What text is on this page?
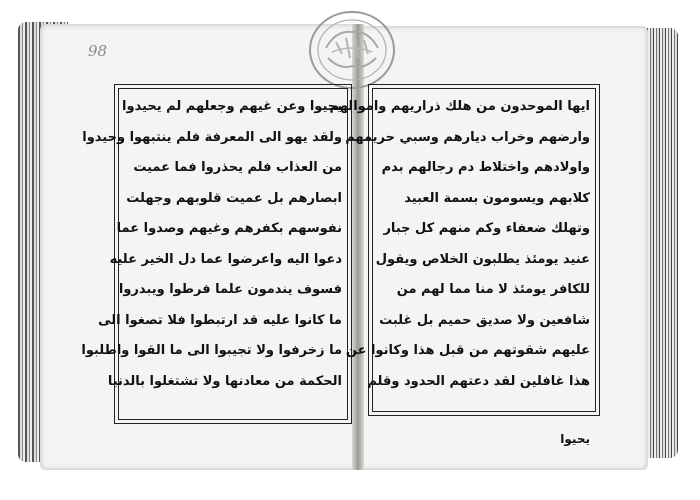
98
يحيوا وعن غيهم وجعلهم لم يحيدوا
ولقد يهو الى المعرفة فلم ينتبهوا وحيدوا
من العذاب فلم يحذروا فما عميت
ابصارهم بل عميت قلوبهم وجهلت
نفوسهم بكفرهم وغيهم وصدوا عما
دعوا اليه واعرضوا عما دل الخير عليه
فسوف يندمون علما فرطوا ويبدروا
ما كانوا عليه قد ارتبطوا فلا تصغوا الى
ما زخرفوا ولا تجيبوا الى ما القوا واطلبوا
الحكمة من معادنها ولا تشتغلوا بالدنيا
ايها الموحدون من هلك ذراريهم واموالهم
وارضهم وخراب ديارهم وسبي حريمهم
واولادهم واختلاط دم رجالهم بدم
كلابهم ويسومون بسمة العبيد
وتهلك ضعفاء وكم منهم كل جبار
عنيد يومئذ يطلبون الخلاص ويقول
للكافر يومئذ لا منا مما لهم من
شافعين ولا صديق حميم بل غلبت
عليهم شقوتهم من قبل هذا وكانوا عن
هذا غافلين لقد دعتهم الحدود وقلم
يحيوا
